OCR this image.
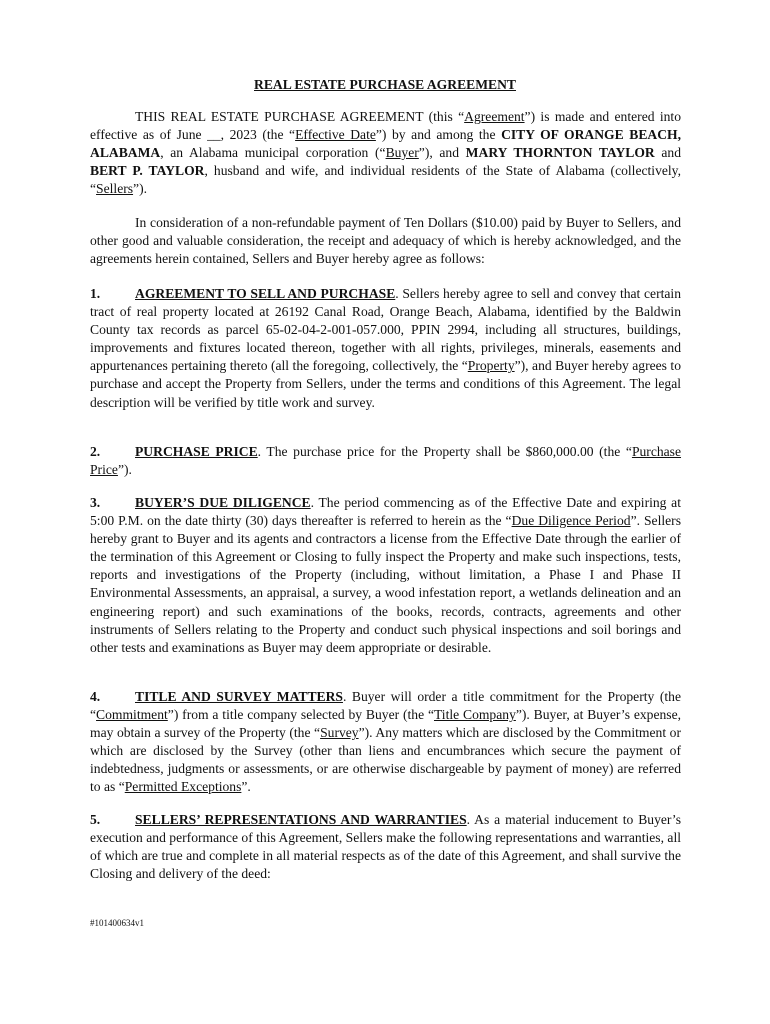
REAL ESTATE PURCHASE AGREEMENT

THIS REAL ESTATE PURCHASE AGREEMENT (this “Agreement”) is made and entered into effective as of June __, 2023 (the “Effective Date”) by and among the CITY OF ORANGE BEACH, ALABAMA, an Alabama municipal corporation (“Buyer”), and MARY THORNTON TAYLOR and BERT P. TAYLOR, husband and wife, and individual residents of the State of Alabama (collectively, “Sellers”).

In consideration of a non-refundable payment of Ten Dollars ($10.00) paid by Buyer to Sellers, and other good and valuable consideration, the receipt and adequacy of which is hereby acknowledged, and the agreements herein contained, Sellers and Buyer hereby agree as follows:

1.	AGREEMENT TO SELL AND PURCHASE. Sellers hereby agree to sell and convey that certain tract of real property located at 26192 Canal Road, Orange Beach, Alabama, identified by the Baldwin County tax records as parcel 65-02-04-2-001-057.000, PPIN 2994, including all structures, buildings, improvements and fixtures located thereon, together with all rights, privileges, minerals, easements and appurtenances pertaining thereto (all the foregoing, collectively, the “Property”), and Buyer hereby agrees to purchase and accept the Property from Sellers, under the terms and conditions of this Agreement. The legal description will be verified by title work and survey.

2.	PURCHASE PRICE. The purchase price for the Property shall be $860,000.00 (the “Purchase Price”).

3.	BUYER’S DUE DILIGENCE. The period commencing as of the Effective Date and expiring at 5:00 P.M. on the date thirty (30) days thereafter is referred to herein as the “Due Diligence Period”. Sellers hereby grant to Buyer and its agents and contractors a license from the Effective Date through the earlier of the termination of this Agreement or Closing to fully inspect the Property and make such inspections, tests, reports and investigations of the Property (including, without limitation, a Phase I and Phase II Environmental Assessments, an appraisal, a survey, a wood infestation report, a wetlands delineation and an engineering report) and such examinations of the books, records, contracts, agreements and other instruments of Sellers relating to the Property and conduct such physical inspections and soil borings and other tests and examinations as Buyer may deem appropriate or desirable.

4.	TITLE AND SURVEY MATTERS. Buyer will order a title commitment for the Property (the “Commitment”) from a title company selected by Buyer (the “Title Company”). Buyer, at Buyer’s expense, may obtain a survey of the Property (the “Survey”). Any matters which are disclosed by the Commitment or which are disclosed by the Survey (other than liens and encumbrances which secure the payment of indebtedness, judgments or assessments, or are otherwise dischargeable by payment of money) are referred to as “Permitted Exceptions”.

5.	SELLERS’ REPRESENTATIONS AND WARRANTIES. As a material inducement to Buyer’s execution and performance of this Agreement, Sellers make the following representations and warranties, all of which are true and complete in all material respects as of the date of this Agreement, and shall survive the Closing and delivery of the deed:

#101400634v1
